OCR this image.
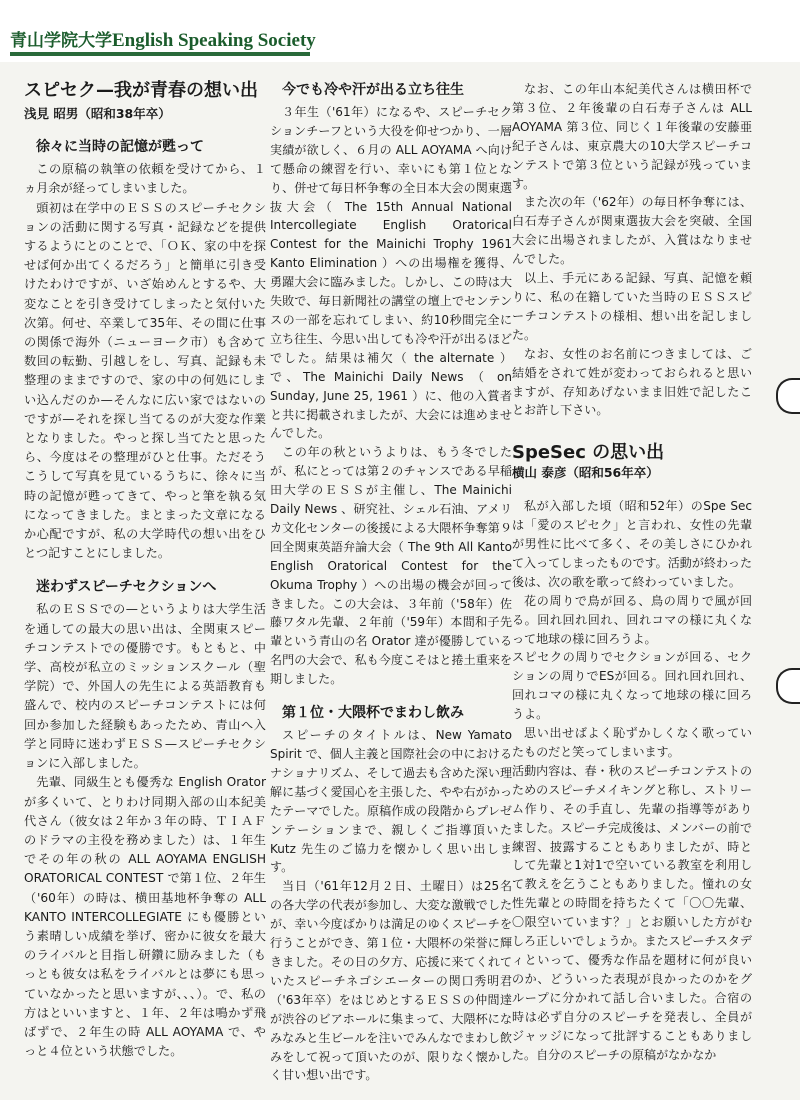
青山学院大学English Speaking Society
スピセク—我が青春の想い出
浅見 昭男（昭和38年卒）
徐々に当時の記憶が甦って

この原稿の執筆の依頼を受けてから、１ヵ月余が経ってしまいました。

頭初は在学中のＥＳＳのスピーチセクションの活動に関する写真・記録などを提供するようにとのことで、「ＯＫ、家の中を探せば何か出てくるだろう」と簡単に引き受けたわけですが、いざ始めんとするや、大変なことを引き受けてしまったと気付いた次第。何せ、卒業して35年、その間に仕事の関係で海外（ニューヨーク市）も含めて数回の転勤、引越しをし、写真、記録も未整理のままですので、家の中の何処にしまい込んだのか—そんなに広い家ではないのですが—それを探し当てるのが大変な作業となりました。やっと探し当てたと思ったら、今度はその整理がひと仕事。ただそうこうして写真を見ているうちに、徐々に当時の記憶が甦ってきて、やっと筆を執る気になってきました。まとまった文章になるか心配ですが、私の大学時代の想い出をひとつ記すことにしました。

迷わずスピーチセクションへ

私のＥＳＳでの—というよりは大学生活を通しての最大の思い出は、全関東スピーチコンテストでの優勝です。もともと、中学、高校が私立のミッションスクール（聖学院）で、外国人の先生による英語教育も盛んで、校内のスピーチコンテストには何回か参加した経験もあったため、青山へ入学と同時に迷わずＥＳＳ—スピーチセクションに入部しました。

先輩、同級生とも優秀な English Orator が多くいて、とりわけ同期入部の山本紀美代さん（彼女は２年か３年の時、ＴＩＡＦのドラマの主役を務めました）は、１年生でその年の秋の ALL AOYAMA ENGLISH ORATORICAL CONTEST で第１位、２年生（'60年）の時は、横田基地杯争奪の ALL KANTO INTERCOLLEGIATE にも優勝という素晴しい成績を挙げ、密かに彼女を最大のライバルと目指し研鑽に励みました（もっとも彼女は私をライバルとは夢にも思っていなかったと思いますが、、、）。で、私の方はといいますと、１年、２年は鳴かず飛ばずで、２年生の時 ALL AOYAMA で、やっと４位という状態でした。

今でも冷や汗が出る立ち往生

３年生（'61年）になるや、スピーチセクションチーフという大役を仰せつかり、一層実績が欲しく、６月の ALL AOYAMA へ向けて懸命の練習を行い、幸いにも第１位となり、併せて毎日杯争奪の全日本大会の関東選抜大会（ The 15th Annual National Intercollegiate English Oratorical Contest for the Mainichi Trophy 1961 Kanto Elimination ）への出場権を獲得、勇躍大会に臨みました。しかし、この時は大失敗で、毎日新聞社の講堂の壇上でセンテンスの一部を忘れてしまい、約10秒間完全に立ち往生、今思い出しても冷や汗が出るほどでした。結果は補欠（ the alternate ）で、The Mainichi Daily News （ on Sunday, June 25, 1961 ）に、他の入賞者と共に掲載されましたが、大会には進めませんでした。

この年の秋というよりは、もう冬でしたが、私にとっては第２のチャンスである早稲田大学のＥＳＳが主催し、The Mainichi Daily News 、研究社、シェル石油、アメリカ文化センターの後援による大隈杯争奪第９回全関東英語弁論大会（ The 9th All Kanto English Oratorical Contest for the Okuma Trophy ）への出場の機会が回ってきました。この大会は、３年前（'58年）佐藤ワタル先輩、２年前（'59年）本間和子先輩という青山の名 Orator 達が優勝している名門の大会で、私も今度こそはと捲土重来を期しました。

第１位・大隈杯でまわし飲み

スピーチのタイトルは、New Yamato Spirit で、個人主義と国際社会の中におけるナショナリズム、そして過去も含めた深い理解に基づく愛国心を主張した、やや右がかったテーマでした。原稿作成の段階からプレゼンテーションまで、親しくご指導頂いた Kutz 先生のご協力を懐かしく思い出します。

当日（'61年12月２日、土曜日）は25名の各大学の代表が参加し、大変な激戦でしたが、幸い今度ばかりは満足のゆくスピーチを行うことができ、第１位・大隈杯の栄誉に輝きました。その日の夕方、応援に来てくれていたスピーチネゴシエーターの関口秀明君（'63年卒）をはじめとするＥＳＳの仲間達が渋谷のビアホールに集まって、大隈杯になみなみと生ビールを注いでみんなでまわし飲みをして祝って頂いたのが、限りなく懐かしく甘い想い出です。

なお、この年山本紀美代さんは横田杯で第３位、２年後輩の白石寿子さんは ALL AOYAMA 第３位、同じく１年後輩の安藤亜紀子さんは、東京農大の10大学スピーチコンテストで第３位という記録が残っています。

また次の年（'62年）の毎日杯争奪には、白石寿子さんが関東選抜大会を突破、全国大会に出場されましたが、入賞はなりませんでした。

以上、手元にある記録、写真、記憶を頼りに、私の在籍していた当時のＥＳＳスピーチコンテストの様相、想い出を記しました。

なお、女性のお名前につきましては、ご結婚をされて姓が変わっておられると思いますが、存知あげないまま旧姓で記したことお許し下さい。

SpeSec の思い出
横山 泰彦（昭和56年卒）

私が入部した頃（昭和52年）のSpe Secは「愛のスピセク」と言われ、女性の先輩が男性に比べて多く、その美しさにひかれて入ってしまったものです。活動が終わった後は、次の歌を歌って終わっていました。

花の周りで鳥が回る、鳥の周りで風が回る。回れ回れ回れ、回れコマの様に丸くなって地球の様に回ろうよ。

スピセクの周りでセクションが回る、セクションの周りでESが回る。回れ回れ回れ、回れコマの様に丸くなって地球の様に回ろうよ。

思い出せばよく恥ずかしくなく歌っていたものだと笑ってしまいます。

活動内容は、春・秋のスピーチコンテストのためのスピーチメイキングと称し、ストリーム作り、その手直し、先輩の指導等がありました。スピーチ完成後は、メンバーの前で練習、披露することもありましたが、時として先輩と1対1で空いている教室を利用して教えを乞うこともありました。憧れの女性先輩との時間を持ちたくて「〇〇先輩、〇限空いています？」とお願いした方がむしろ正しいでしょうか。またスピーチスタディといって、優秀な作品を題材に何が良いのか、どういった表現が良かったのかをグループに分かれて話し合いました。合宿の時は必ず自分のスピーチを発表し、全員がジャッジになって批評することもありました。自分のスピーチの原稿がなかなか
